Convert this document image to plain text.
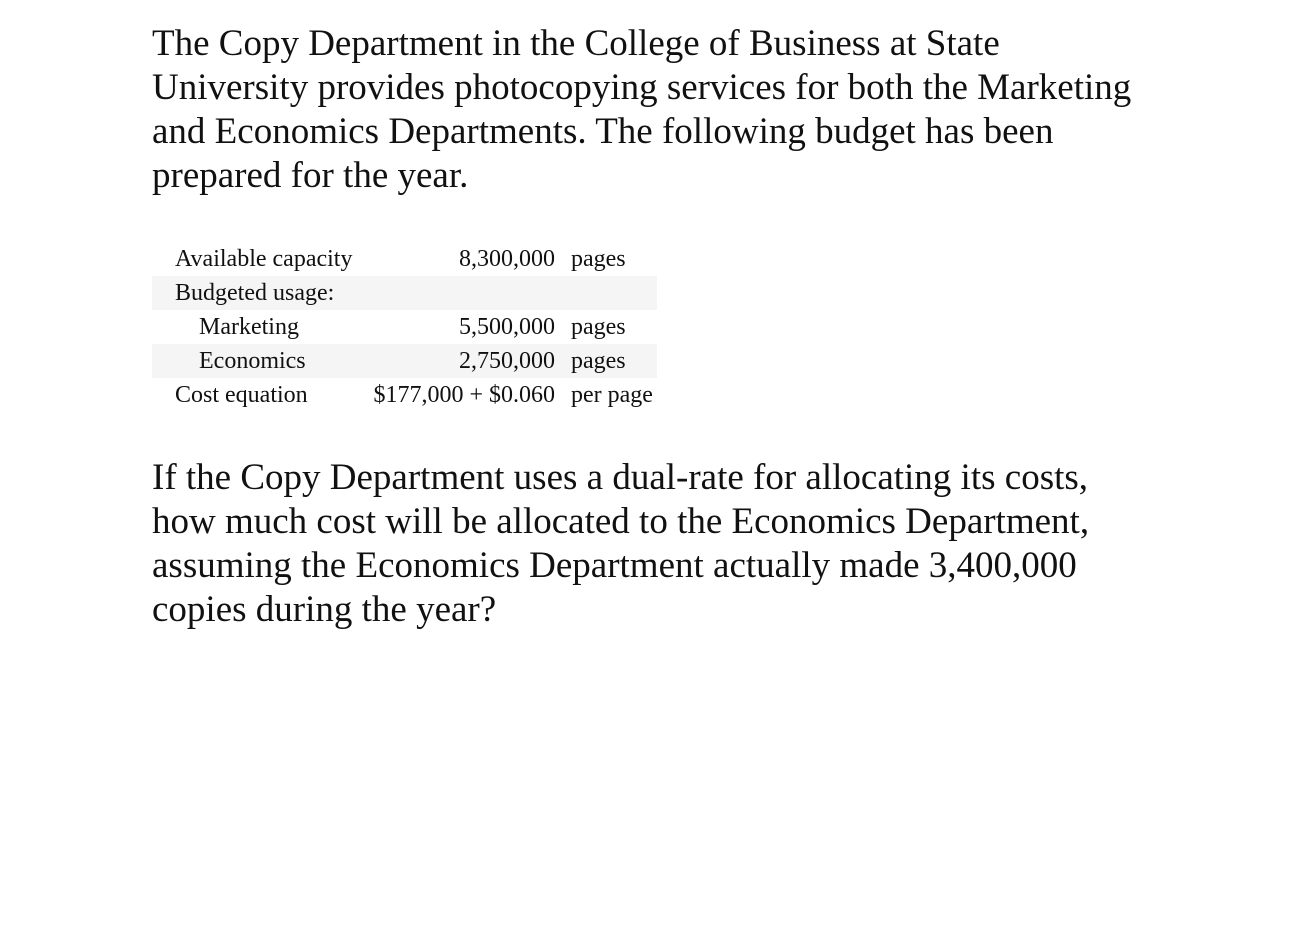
The Copy Department in the College of Business at State University provides photocopying services for both the Marketing and Economics Departments. The following budget has been prepared for the year.

Available capacity	8,300,000	pages
Budgeted usage:		
Marketing	5,500,000	pages
Economics	2,750,000	pages
Cost equation	$177,000 + $0.060	per page

If the Copy Department uses a dual-rate for allocating its costs, how much cost will be allocated to the Economics Department, assuming the Economics Department actually made 3,400,000 copies during the year?
